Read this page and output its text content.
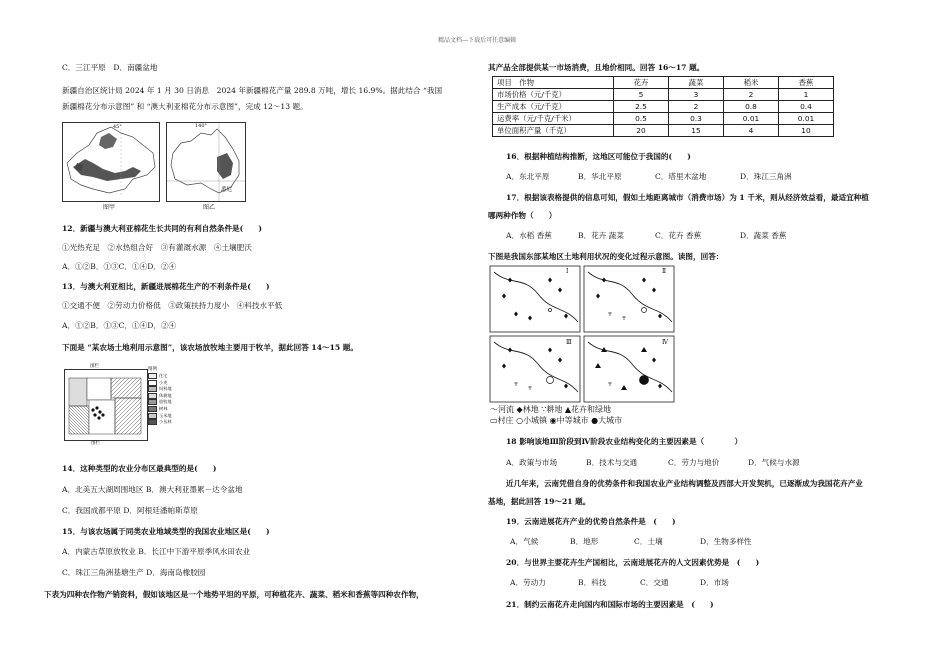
精品文档---下载后可任意编辑
C．三江平原　D．南疆盆地
新疆自治区统计局 2024 年 1 月 30 日消息　2024 年新疆棉花产量 289.8 万吨，增长 16.9%。据此结合 “我国
新疆棉花分布示意图” 和 “澳大利亚棉花分布示意图”，完成 12～13 题。
45°
图甲
140°
悉尼
图乙
12．新疆与澳大利亚棉花生长共同的有利自然条件是(　　)
①光热充足　②水热组合好　③有灌溉水源　④土壤肥沃
A．①②B．①③C．①④D．②④
13．与澳大利亚相比，新疆进展棉花生产的不利条件是(　　)
①交通不便　②劳动力价格低　③政策扶持力度小　④科技水平低
A．①②B．①③C．①④D．②④
下面是 “某农场土地利用示意图”，该农场放牧地主要用于牧羊，据此回答 14～15 题。
围栏
围栏
图例
住宅
小麦
饲料地
休耕地
放牧地
树林
玉米地
小丛林
14．这种类型的农业分布区最典型的是(　　)
A．北美五大湖周围地区 B．澳大利亚墨累－达令盆地
C．我国成都平原 D．阿根廷潘帕斯草原
15．与该农场属于同类农业地域类型的我国农业地区是(　　)
A．内蒙古草原放牧业 B．长江中下游平原季风水田农业
C．珠江三角洲基塘生产 D．海南岛橡胶园
下表为四种农作物产销资料，假如该地区是一个地势平坦的平原，可种植花卉、蔬菜、稻米和香蕉等四种农作物，
其产品全部提供某一市场消费，且地价相同。回答 16～17 题。
项目　作物	花卉	蔬菜	稻米	香蕉
市场价格（元/千克）	5	3	2	1
生产成本（元/千克）	2.5	2	0.8	0.4
运费率（元/千克/千米）	0.5	0.3	0.01	0.01
单位面积产量（千克）	20	15	4	10
16．根据种植结构推断，这地区可能位于我国的(　　)
A．东北平原	B．华北平原	C．塔里木盆地	D．珠江三角洲
17．根据该表格提供的信息可知，假如土地距离城市（消费市场）为 1 千米，则从经济效益看，最适宜种植
哪两种作物（　　）
A．水稻 香蕉	B．花卉 蔬菜	C．花卉 香蕉	D．蔬菜 香蕉
下图是我国东部某地区土地利用状况的变化过程示意图。读图，回答：
Ⅰ	Ⅱ
Ⅲ	Ⅳ
～河流 ◆林地 ∵耕地 ▲花卉和绿地
▭村庄 ○小城镇 ◉中等城市 ●大城市
18 影响该地Ⅲ阶段到Ⅳ阶段农业结构变化的主要因素是（　　　　）
A．政策与市场	B．技术与交通	C．劳力与地价	D．气候与水源
近几年来，云南凭借自身的优势条件和我国农业产业结构调整及西部大开发契机，已逐渐成为我国花卉产业
基地，据此回答 19～21 题。
19．云南进展花卉产业的优势自然条件是　(　　)
A．气候	B．地形	C．土壤	D．生物多样性
20．与世界主要花卉生产国相比，云南进展花卉的人文因素优势是　(　　)
A．劳动力	B．科技	C．交通	D．市场
21．制约云南花卉走向国内和国际市场的主要因素是　(　　)
